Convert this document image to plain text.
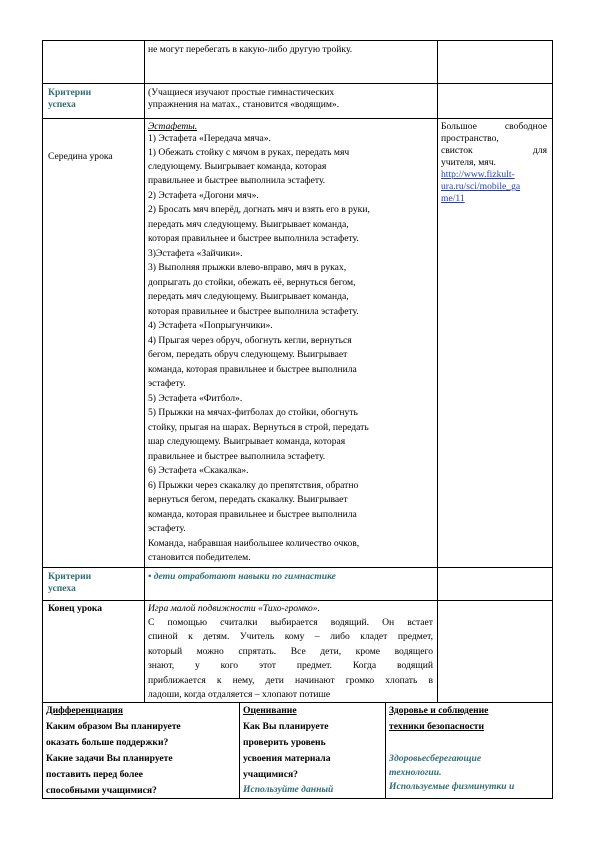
не могут перебегать в какую-либо другую тройку.
Критерии
успеха
(Учащиеся изучают простые гимнастических
упражнения на матах., становится «водящим».
Середина урока
Эстафеты.
1) Эстафета «Передача мяча».
1) Обежать стойку с мячом в руках, передать мяч
следующему. Выигрывает команда, которая
правильнее и быстрее выполнила эстафету.
2) Эстафета «Догони мяч».
2) Бросать мяч вперёд, догнать мяч и взять его в руки,
передать мяч следующему. Выигрывает команда,
которая правильнее и быстрее выполнила эстафету.
3)Эстафета «Зайчики».
3) Выполняя прыжки влево-вправо, мяч в руках,
допрыгать до стойки, обежать её, вернуться бегом,
передать мяч следующему. Выигрывает команда,
которая правильнее и быстрее выполнила эстафету.
4) Эстафета «Попрыгунчики».
4) Прыгая через обруч, обогнуть кегли, вернуться
бегом, передать обруч следующему. Выигрывает
команда, которая правильнее и быстрее выполнила
эстафету.
5) Эстафета «Фитбол».
5) Прыжки на мячах-фитболах до стойки, обогнуть
стойку, прыгая на шарах. Вернуться в строй, передать
шар следующему. Выигрывает команда, которая
правильнее и быстрее выполнила эстафету.
6) Эстафета «Скакалка».
6) Прыжки через скакалку до препятствия, обратно
вернуться бегом, передать скакалку. Выигрывает
команда, которая правильнее и быстрее выполнила
эстафету.
Команда, набравшая наибольшее количество очков,
становится победителем.
Большое свободное
пространство,
свисток для
учителя, мяч.
http://www.fizkult-
ura.ru/sci/mobile_ga
me/11
Критерии
успеха
• дети отработают навыки по гимнастике
Конец урока	Игра малой подвижности «Тихо-громко».
С помощью считалки выбирается водящий. Он встает
спиной к детям. Учитель кому – либо кладет предмет,
который можно спрятать. Все дети, кроме водящего
знают, у кого этот предмет. Когда водящий
приближается к нему, дети начинают громко хлопать в
ладоши, когда отдаляется – хлопают потише
Дифференциация
Каким образом Вы планируете
оказать больше поддержки?
Какие задачи Вы планируете
поставить перед более
способными учащимися?
Оценивание
Как Вы планируете
проверить уровень
усвоения материала
учащимися?
Используйте данный
Здоровье и соблюдение
техники безопасности
Здоровьесберегающие
технологии.
Используемые физминутки и
